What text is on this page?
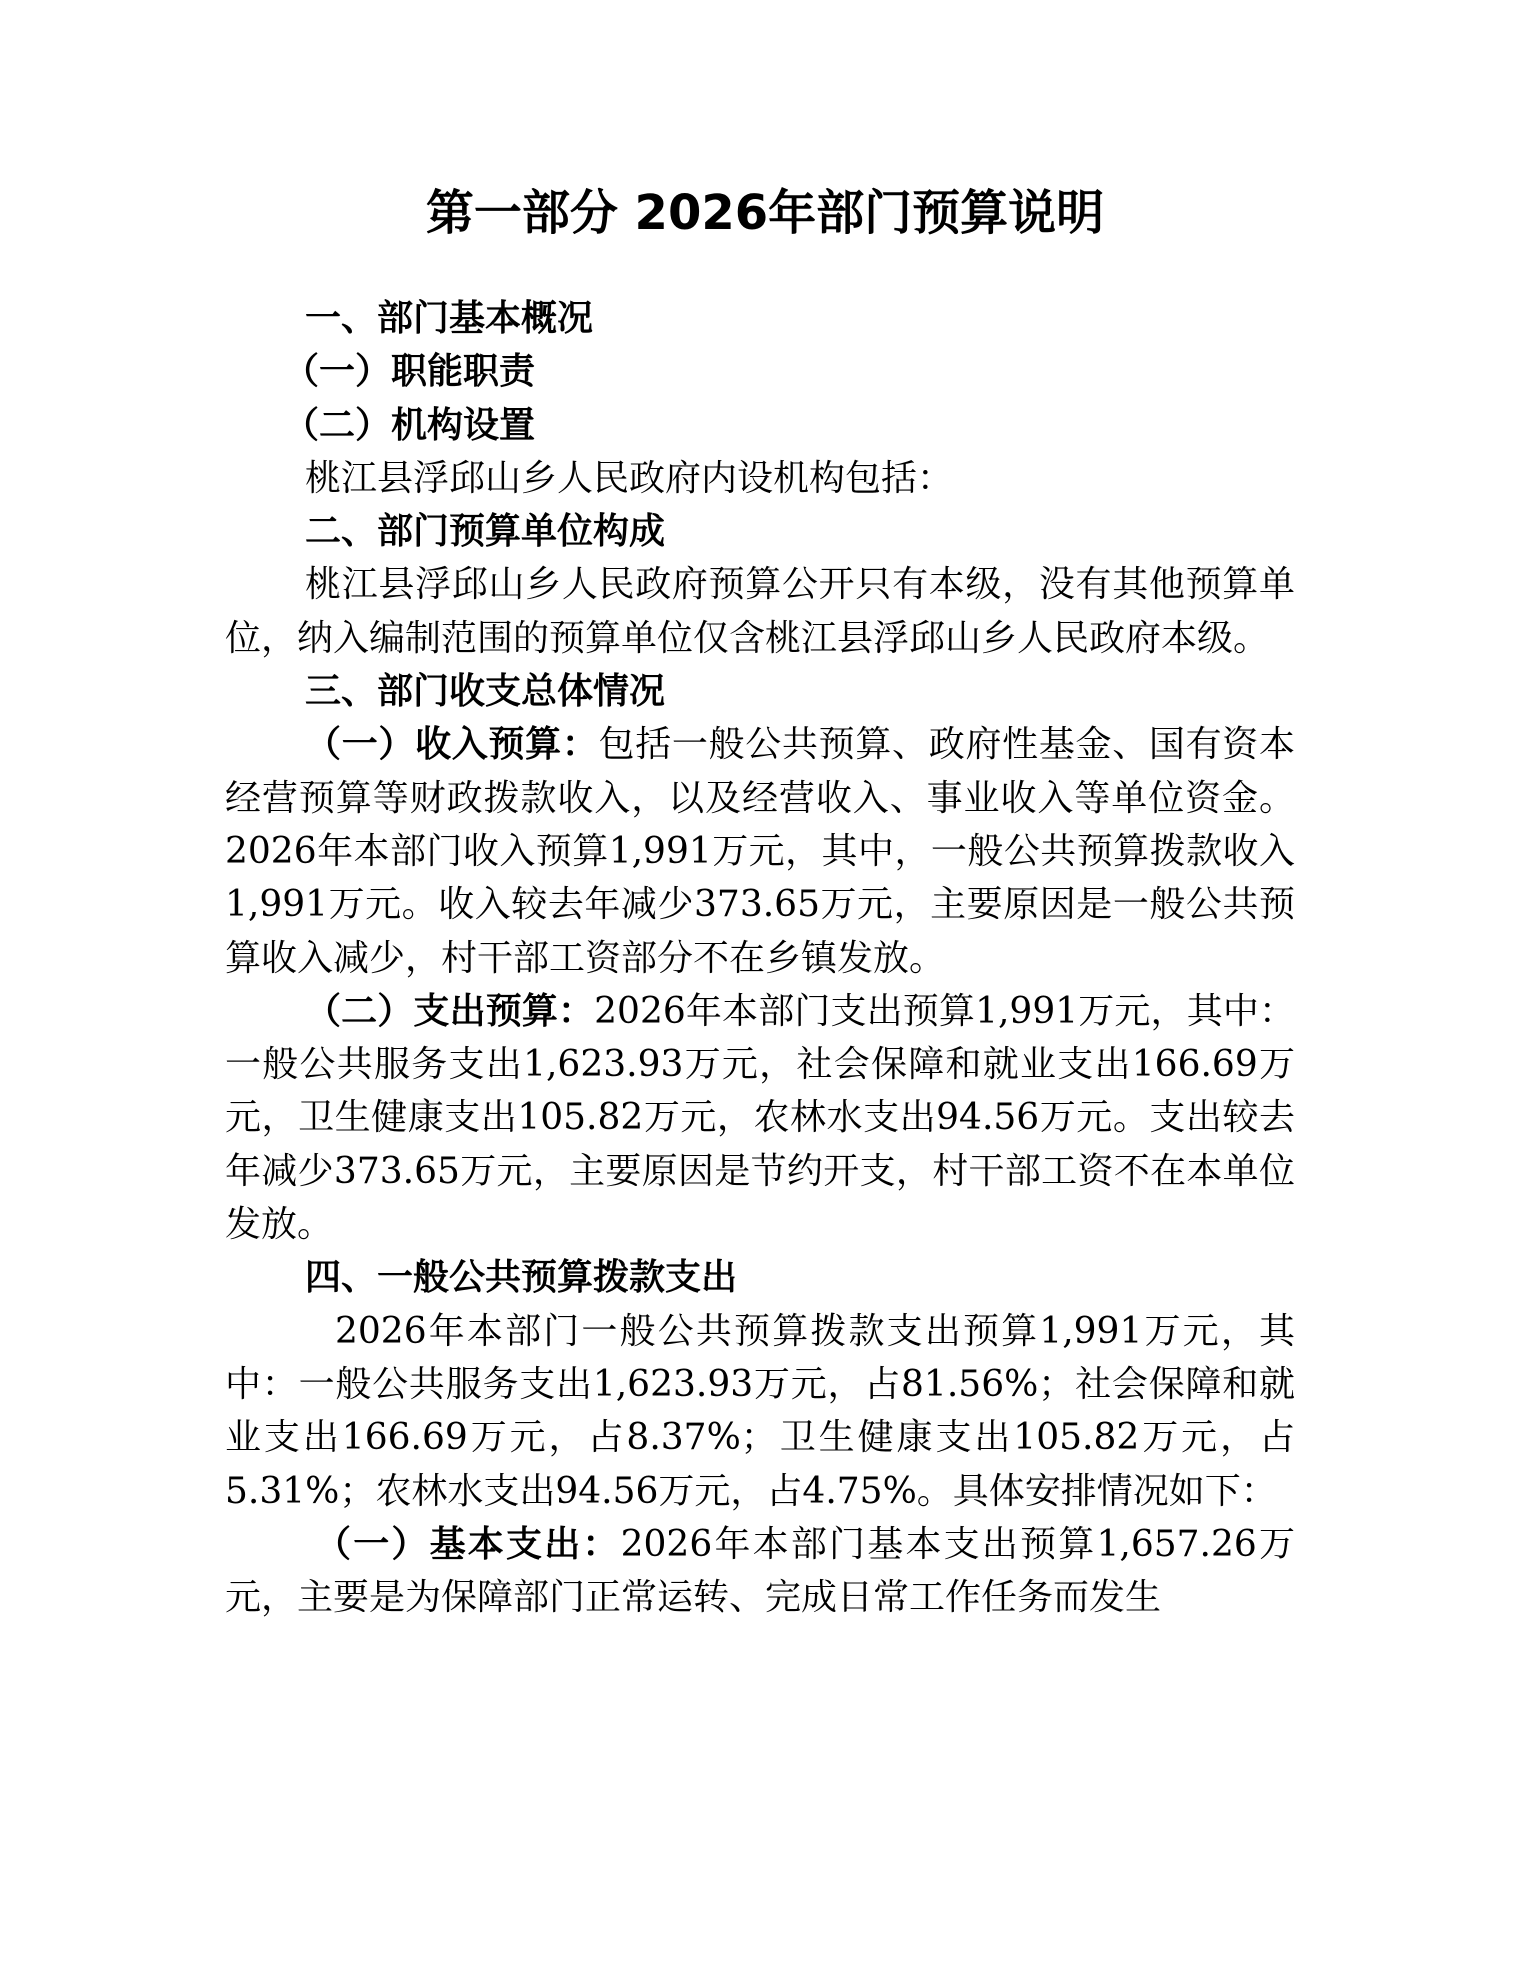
第一部分 2026年部门预算说明
一、部门基本概况
（一）职能职责
（二）机构设置

桃江县浮邱山乡人民政府内设机构包括：

二、部门预算单位构成

桃江县浮邱山乡人民政府预算公开只有本级，没有其他预算单位，纳入编制范围的预算单位仅含桃江县浮邱山乡人民政府本级。

三、部门收支总体情况

（一）收入预算：包括一般公共预算、政府性基金、国有资本经营预算等财政拨款收入，以及经营收入、事业收入等单位资金。2026年本部门收入预算1,991万元，其中，一般公共预算拨款收入1,991万元。收入较去年减少373.65万元，主要原因是一般公共预算收入减少，村干部工资部分不在乡镇发放。

（二）支出预算：2026年本部门支出预算1,991万元，其中：一般公共服务支出1,623.93万元，社会保障和就业支出166.69万元，卫生健康支出105.82万元，农林水支出94.56万元。支出较去年减少373.65万元，主要原因是节约开支，村干部工资不在本单位发放。

四、一般公共预算拨款支出

2026年本部门一般公共预算拨款支出预算1,991万元，其中：一般公共服务支出1,623.93万元，占81.56%；社会保障和就业支出166.69万元，占8.37%；卫生健康支出105.82万元，占5.31%；农林水支出94.56万元，占4.75%。具体安排情况如下：

（一）基本支出：2026年本部门基本支出预算1,657.26万元，主要是为保障部门正常运转、完成日常工作任务而发生
